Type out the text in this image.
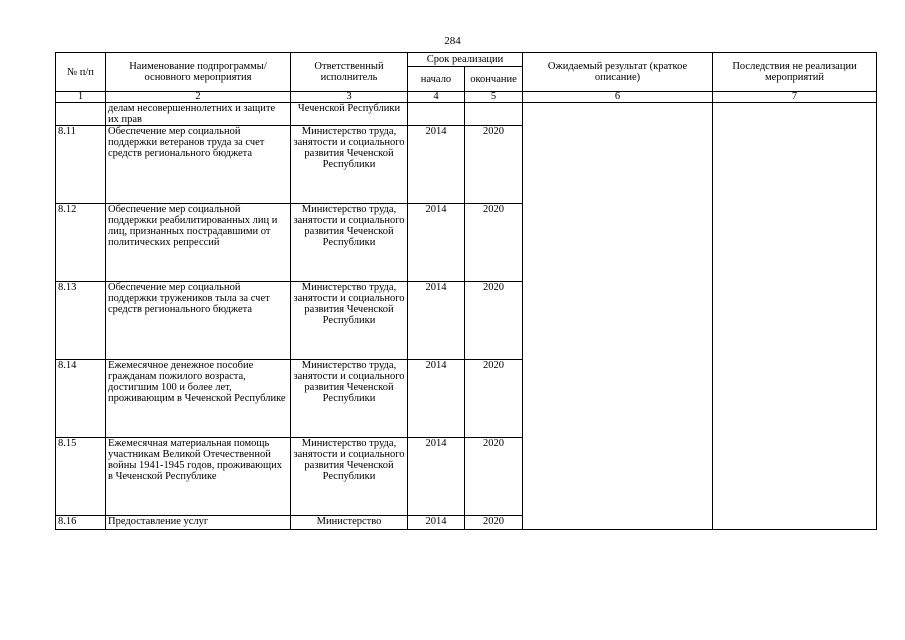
284
№ п/п	Наименование подпрограммы/ основного мероприятия	Ответственный исполнитель	Срок реализации		Ожидаемый результат (краткое описание)	Последствия не реализации мероприятий
			начало	окончание		
1	2	3	4	5	6	7
	делам несовершеннолетних и защите их прав	Чеченской Республики				
8.11	Обеспечение мер социальной поддержки ветеранов труда за счет средств регионального бюджета	Министерство труда, занятости и социального развития Чеченской Республики	2014	2020		
8.12	Обеспечение мер социальной поддержки реабилитированных лиц и лиц, признанных пострадавшими от политических репрессий	Министерство труда, занятости и социального развития Чеченской Республики	2014	2020		
8.13	Обеспечение мер социальной поддержки тружеников тыла за счет средств регионального бюджета	Министерство труда, занятости и социального развития Чеченской Республики	2014	2020		
8.14	Ежемесячное денежное пособие гражданам пожилого возраста, достигшим 100 и более лет, проживающим в Чеченской Республике	Министерство труда, занятости и социального развития Чеченской Республики	2014	2020		
8.15	Ежемесячная материальная помощь участникам Великой Отечественной войны 1941-1945 годов, проживающих в Чеченской Республике	Министерство труда, занятости и социального развития Чеченской Республики	2014	2020		
8.16	Предоставление услуг	Министерство	2014	2020		
